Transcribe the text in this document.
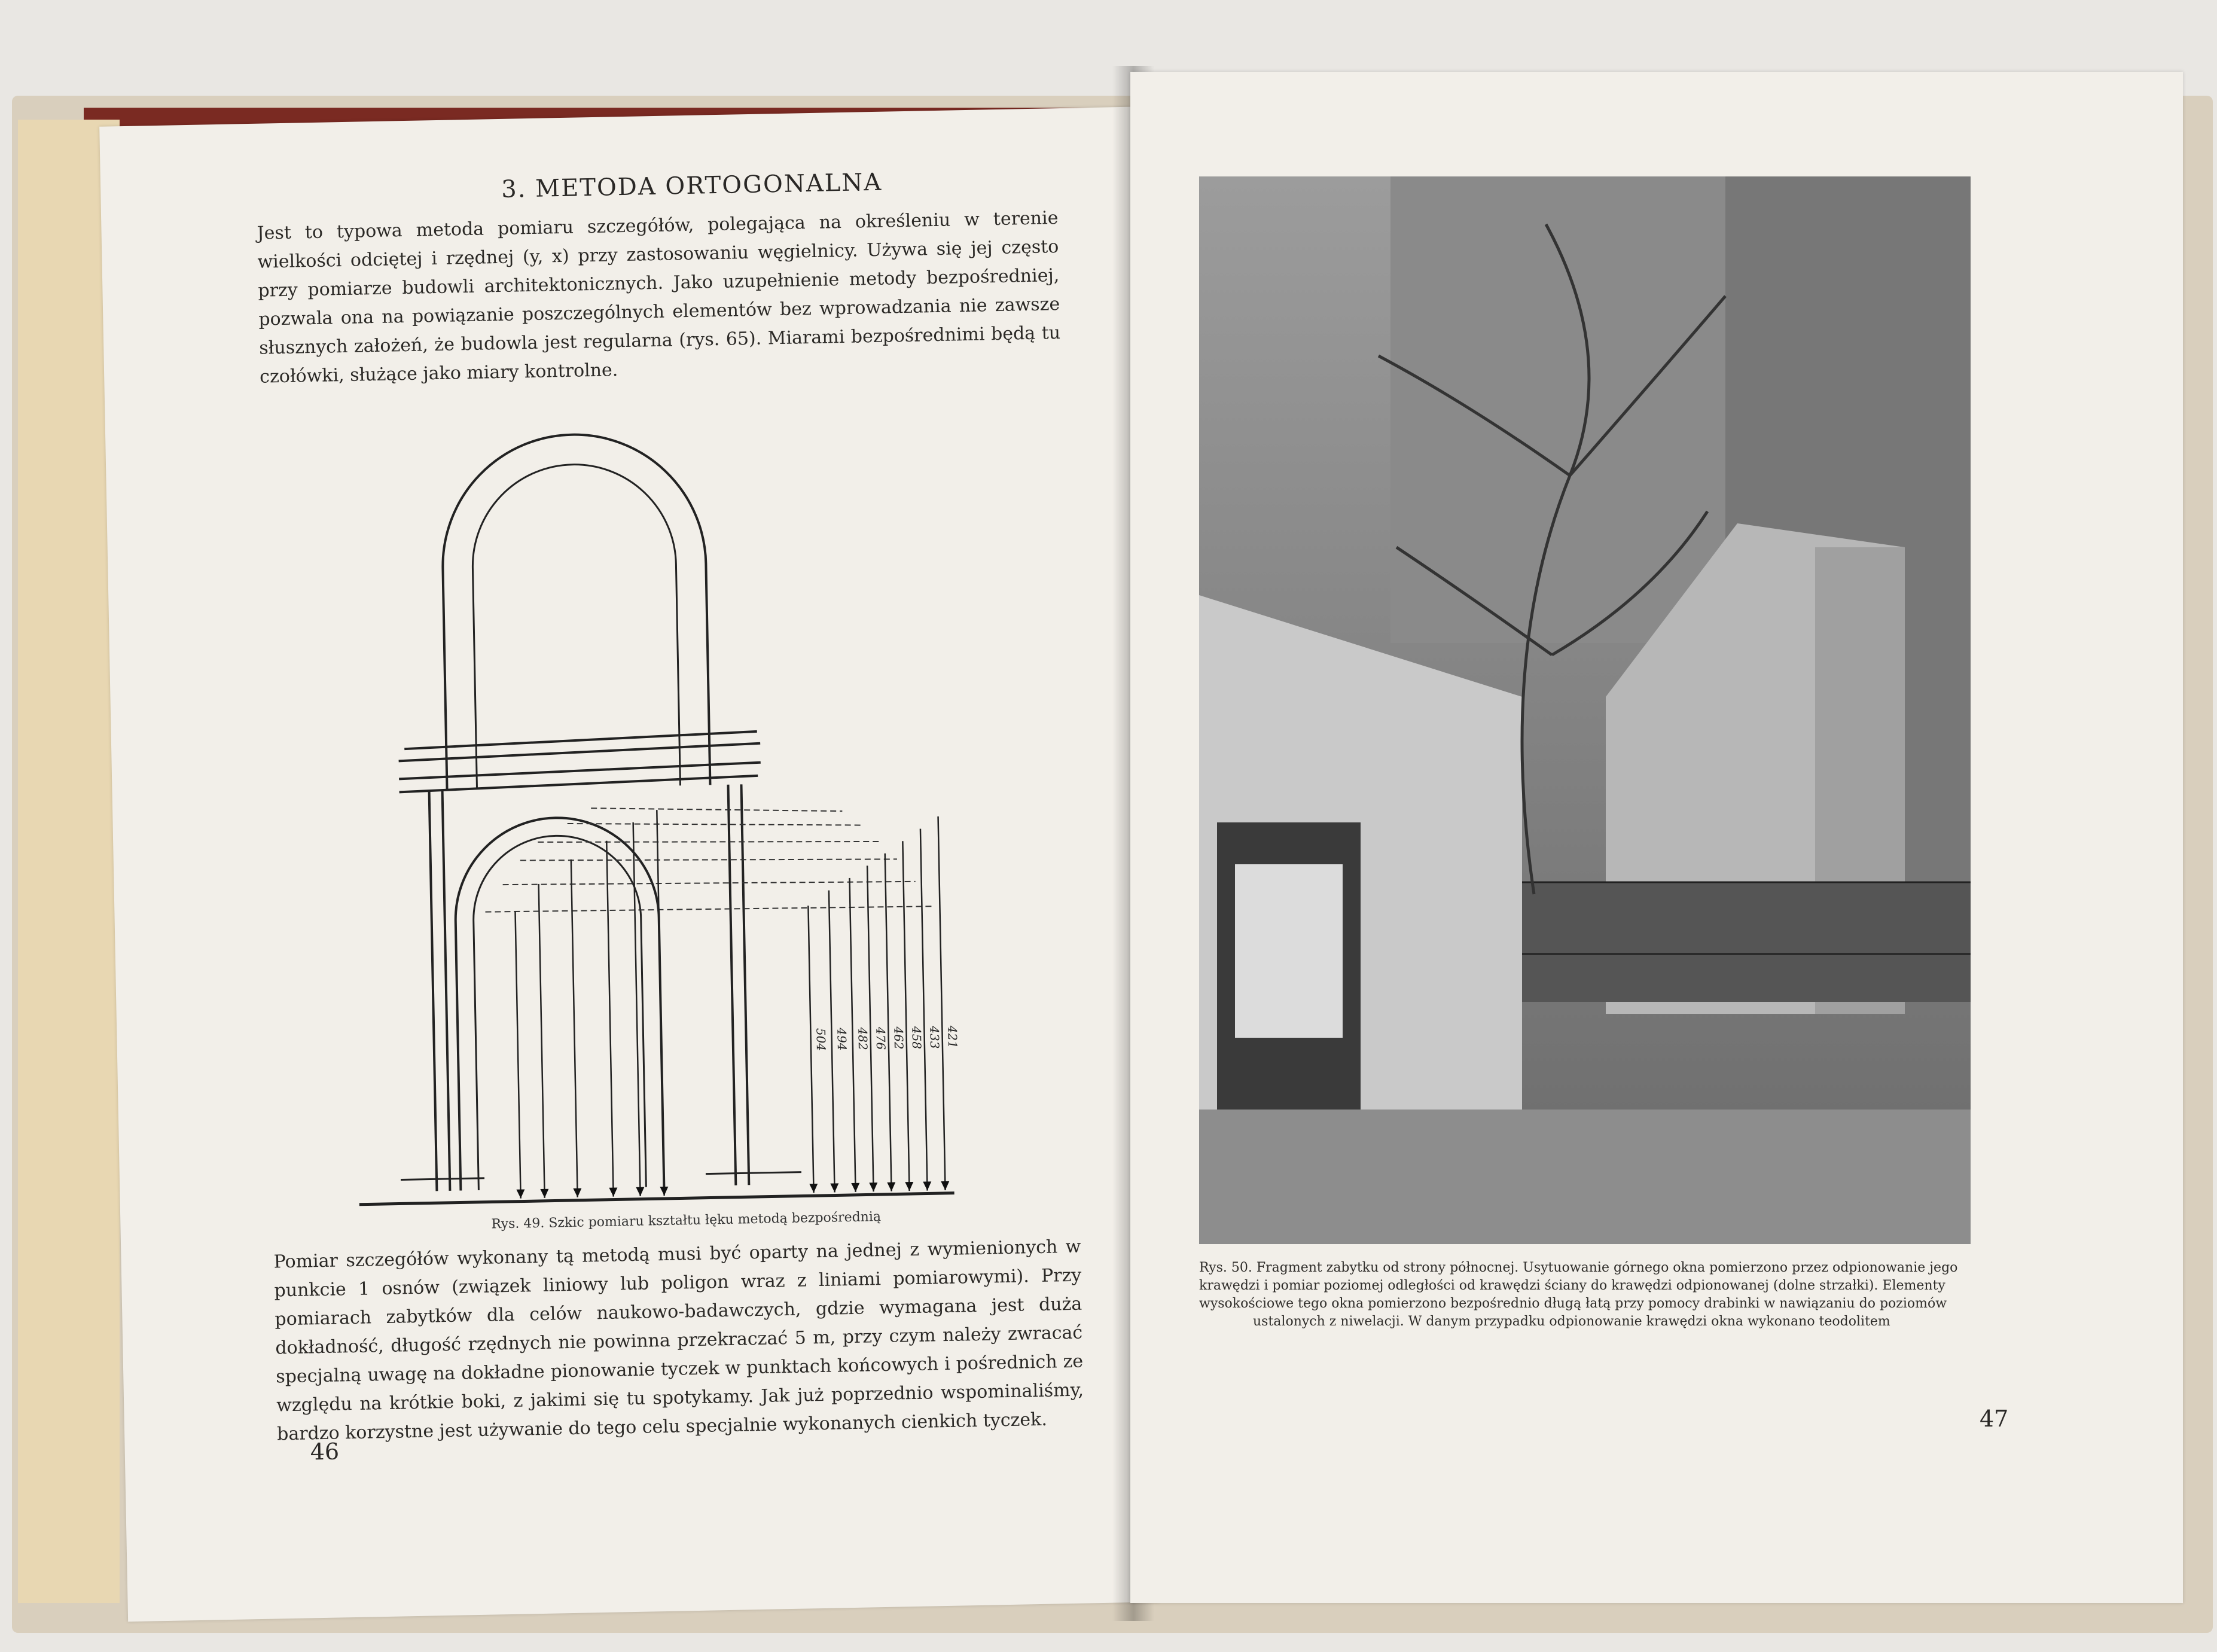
3. METODA ORTOGONALNA
Jest to typowa metoda pomiaru szczegółów, polegająca na określeniu w terenie wielkości odciętej i rzędnej (y, x) przy zastosowaniu węgielnicy. Używa się jej często przy pomiarze budowli architektonicznych. Jako uzupełnienie metody bezpośredniej, pozwala ona na powiązanie poszczególnych elementów bez wprowadzania nie zawsze słusznych założeń, że budowla jest regularna (rys. 65). Miarami bezpośrednimi będą tu czołówki, służące jako miary kontrolne.
504 494 482 476 462 458 433 421
Rys. 49. Szkic pomiaru kształtu łęku metodą bezpośrednią
Pomiar szczegółów wykonany tą metodą musi być oparty na jednej z wymienionych w punkcie 1 osnów (związek liniowy lub poligon wraz z liniami pomiarowymi). Przy pomiarach zabytków dla celów naukowo-badawczych, gdzie wymagana jest duża dokładność, długość rzędnych nie powinna przekraczać 5 m, przy czym należy zwracać specjalną uwagę na dokładne pionowanie tyczek w punktach końcowych i pośrednich ze względu na krótkie boki, z jakimi się tu spotykamy. Jak już poprzednio wspominaliśmy, bardzo korzystne jest używanie do tego celu specjalnie wykonanych cienkich tyczek.
46
Rys. 50. Fragment zabytku od strony północnej. Usytuowanie górnego okna pomierzono przez odpionowanie jego krawędzi i pomiar poziomej odległości od krawędzi ściany do krawędzi odpionowanej (dolne strzałki). Elementy wysokościowe tego okna pomierzono bezpośrednio długą łatą przy pomocy drabinki w nawiązaniu do poziomów
ustalonych z niwelacji. W danym przypadku odpionowanie krawędzi okna wykonano teodolitem
47
